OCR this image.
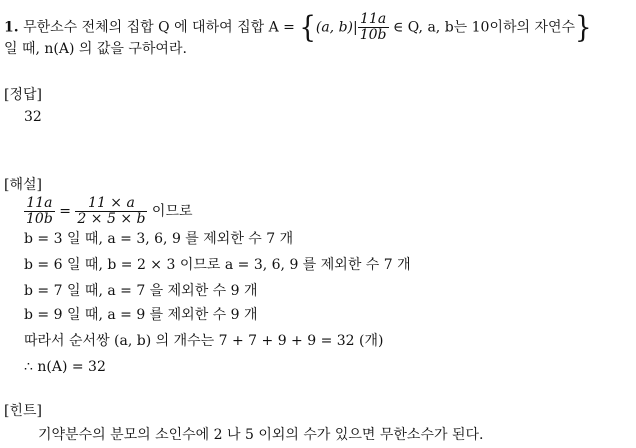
1. 무한소수 전체의 집합 Q 에 대하여 집합 A = {(a, $b)| \frac{11a}{10b}$ ∈ Q, a, b는 10이하의 자연수}
일 때, n(A) 의 값을 구하여라.
[정답]
32
[해설]
$\frac{11a}{10b} = \frac{11 \times a}{2 \times 5 \times b}$ 이므로
b = 3 일 때, a = 3, 6, 9 를 제외한 수 7 개
b = 6 일 때, b = 2 × 3 이므로 a = 3, 6, 9 를 제외한 수 7 개
b = 7 일 때, a = 7 을 제외한 수 9 개
b = 9 일 때, a = 9 를 제외한 수 9 개
따라서 순서쌍 (a, b) 의 개수는 7 + 7 + 9 + 9 = 32 (개)
∴ n(A) = 32
[힌트]
기약분수의 분모의 소인수에 2 나 5 이외의 수가 있으면 무한소수가 된다.
